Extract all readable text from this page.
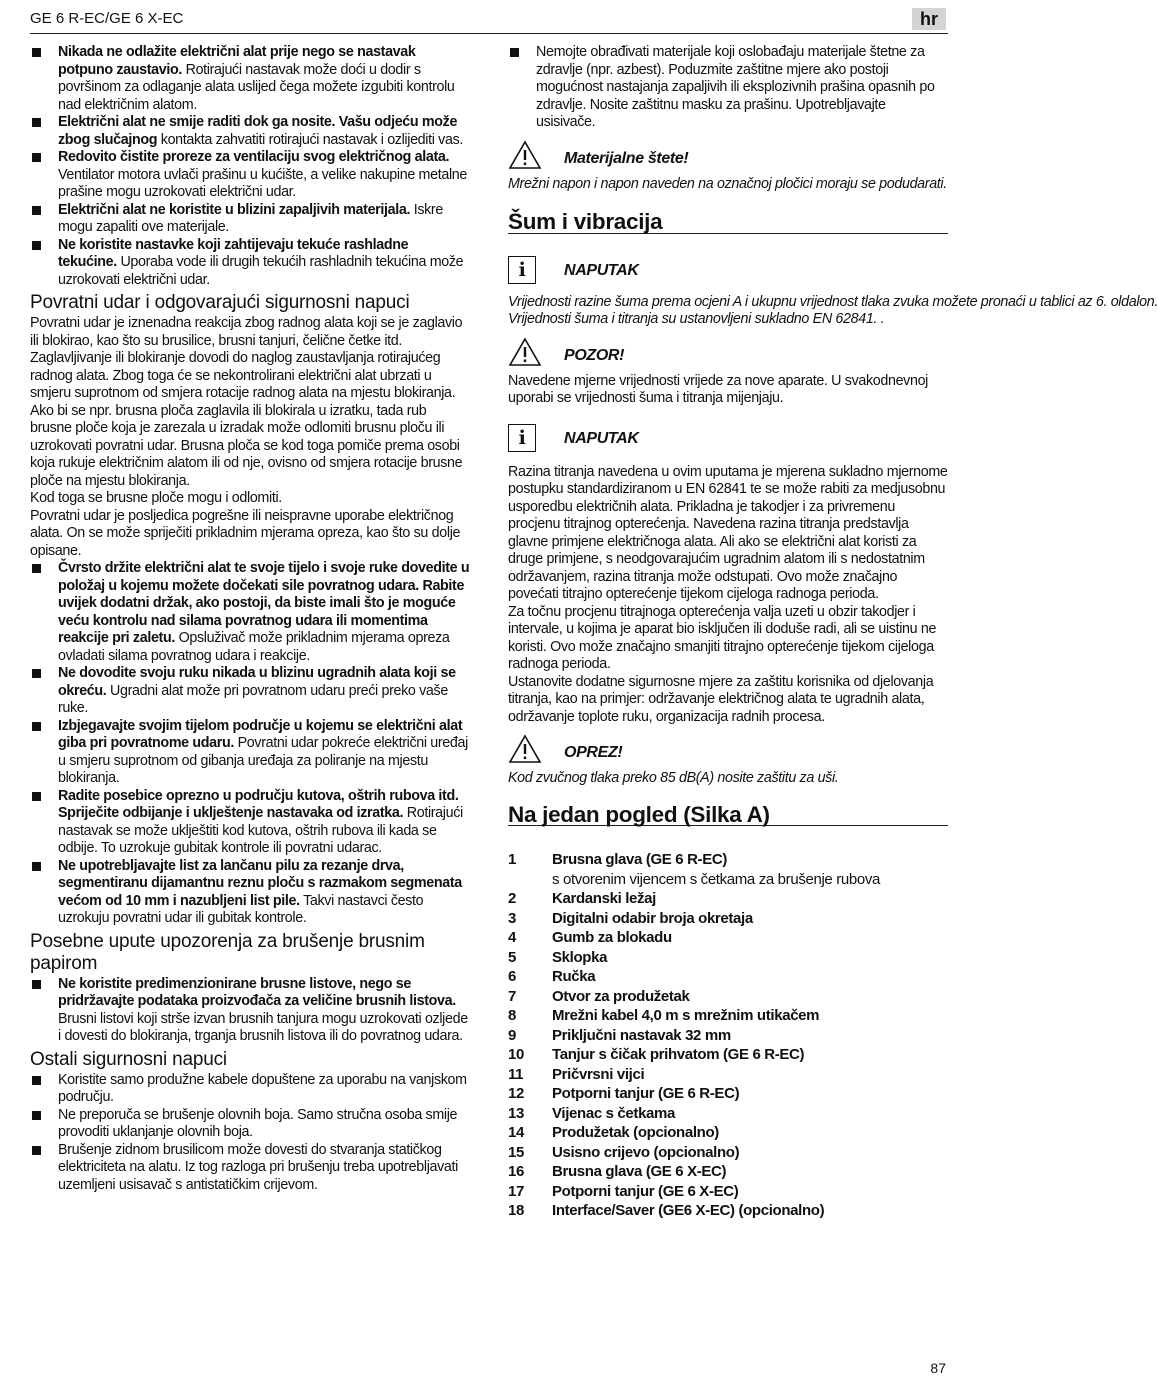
GE 6 R-EC/GE 6 X-EC	hr

Nikada ne odlažite električni alat prije nego se nastavak potpuno zaustavio. Rotirajući nastavak može doći u dodir s površinom za odlaganje alata uslijed čega možete izgubiti kontrolu nad električnim alatom.

Električni alat ne smije raditi dok ga nosite. Vašu odjeću može zbog slučajnog kontakta zahvatiti rotirajući nastavak i ozlijediti vas.

Redovito čistite proreze za ventilaciju svog električnog alata. Ventilator motora uvlači prašinu u kućište, a velike nakupine metalne prašine mogu uzrokovati električni udar.

Električni alat ne koristite u blizini zapaljivih materijala. Iskre mogu zapaliti ove materijale.

Ne koristite nastavke koji zahtijevaju tekuće rashladne tekućine. Uporaba vode ili drugih tekućih rashladnih tekućina može uzrokovati električni udar.

Povratni udar i odgovarajući sigurnosni napuci

Povratni udar je iznenadna reakcija zbog radnog alata koji se je zaglavio ili blokirao, kao što su brusilice, brusni tanjuri, čelične četke itd. Zaglavljivanje ili blokiranje dovodi do naglog zaustavljanja rotirajućeg radnog alata. Zbog toga će se nekontrolirani električni alat ubrzati u smjeru suprotnom od smjera rotacije radnog alata na mjestu blokiranja. Ako bi se npr. brusna ploča zaglavila ili blokirala u izratku, tada rub brusne ploče koja je zarezala u izradak može odlomiti brusnu ploču ili uzrokovati povratni udar. Brusna ploča se kod toga pomiče prema osobi koja rukuje električnim alatom ili od nje, ovisno od smjera rotacije brusne ploče na mjestu blokiranja.

Kod toga se brusne ploče mogu i odlomiti.

Povratni udar je posljedica pogrešne ili neispravne uporabe električnog alata. On se može spriječiti prikladnim mjerama opreza, kao što su dolje opisane.

Čvrsto držite električni alat te svoje tijelo i svoje ruke dovedite u položaj u kojemu možete dočekati sile povratnog udara. Rabite uvijek dodatni držak, ako postoji, da biste imali što je moguće veću kontrolu nad silama povratnog udara ili momentima reakcije pri zaletu. Opsluživač može prikladnim mjerama opreza ovladati silama povratnog udara i reakcije.

Ne dovodite svoju ruku nikada u blizinu ugradnih alata koji se okreću. Ugradni alat može pri povratnom udaru preći preko vaše ruke.

Izbjegavajte svojim tijelom područje u kojemu se električni alat giba pri povratnome udaru. Povratni udar pokreće električni uređaj u smjeru suprotnom od gibanja uređaja za poliranje na mjestu blokiranja.

Radite posebice oprezno u području kutova, oštrih rubova itd. Spriječite odbijanje i uklještenje nastavaka od izratka. Rotirajući nastavak se može uklještiti kod kutova, oštrih rubova ili kada se odbije. To uzrokuje gubitak kontrole ili povratni udarac.

Ne upotrebljavajte list za lančanu pilu za rezanje drva, segmentiranu dijamantnu reznu ploču s razmakom segmenata većom od 10 mm i nazubljeni list pile. Takvi nastavci često uzrokuju povratni udar ili gubitak kontrole.

Posebne upute upozorenja za brušenje brusnim papirom

Ne koristite predimenzionirane brusne listove, nego se pridržavajte podataka proizvođača za veličine brusnih listova. Brusni listovi koji strše izvan brusnih tanjura mogu uzrokovati ozljede i dovesti do blokiranja, trganja brusnih listova ili do povratnog udara.

Ostali sigurnosni napuci

Koristite samo produžne kabele dopuštene za uporabu na vanjskom području.

Ne preporuča se brušenje olovnih boja. Samo stručna osoba smije provoditi uklanjanje olovnih boja.

Brušenje zidnom brusilicom može dovesti do stvaranja statičkog elektriciteta na alatu. Iz tog razloga pri brušenju treba upotrebljavati uzemljeni usisavač s antistatičkim crijevom.

Nemojte obrađivati materijale koji oslobađaju materijale štetne za zdravlje (npr. azbest). Poduzmite zaštitne mjere ako postoji mogućnost nastajanja zapaljivih ili eksplozivnih prašina opasnih po zdravlje. Nosite zaštitnu masku za prašinu. Upotrebljavajte usisivače.

Materijalne štete!

Mrežni napon i napon naveden na označnoj pločici moraju se podudarati.

Šum i vibracija
i	NAPUTAK

Vrijednosti razine šuma prema ocjeni A i ukupnu vrijednost tlaka zvuka možete pronaći u tablici az 6. oldalon.

Vrijednosti šuma i titranja su ustanovljeni sukladno EN 62841. .

POZOR!

Navedene mjerne vrijednosti vrijede za nove aparate. U svakodnevnoj uporabi se vrijednosti šuma i titranja mijenjaju.

i	NAPUTAK

Razina titranja navedena u ovim uputama je mjerena sukladno mjernome postupku standardiziranom u EN 62841 te se može rabiti za medjusobnu usporedbu električnih alata. Prikladna je takodjer i za privremenu procjenu titrajnog opterećenja. Navedena razina titranja predstavlja glavne primjene električnoga alata. Ali ako se električni alat koristi za druge primjene, s neodgovarajućim ugradnim alatom ili s nedostatnim održavanjem, razina titranja može odstupati. Ovo može značajno povećati titrajno opterećenje tijekom cijeloga radnoga perioda.

Za točnu procjenu titrajnoga opterećenja valja uzeti u obzir takodjer i intervale, u kojima je aparat bio isključen ili doduše radi, ali se uistinu ne koristi. Ovo može značajno smanjiti titrajno opterećenje tijekom cijeloga radnoga perioda.

Ustanovite dodatne sigurnosne mjere za zaštitu korisnika od djelovanja titranja, kao na primjer: održavanje električnog alata te ugradnih alata, održavanje toplote ruku, organizacija radnih procesa.

OPREZ!

Kod zvučnog tlaka preko 85 dB(A) nosite zaštitu za uši.

Na jedan pogled (Silka A)
1	Brusna glava (GE 6 R-EC)
s otvorenim vijencem s četkama za brušenje rubova
2	Kardanski ležaj
3	Digitalni odabir broja okretaja
4	Gumb za blokadu
5	Sklopka
6	Ručka
7	Otvor za produžetak
8	Mrežni kabel 4,0 m s mrežnim utikačem
9	Priključni nastavak 32 mm
10	Tanjur s čičak prihvatom (GE 6 R-EC)
11	Pričvrsni vijci
12	Potporni tanjur (GE 6 R-EC)
13	Vijenac s četkama
14	Produžetak (opcionalno)
15	Usisno crijevo (opcionalno)
16	Brusna glava (GE 6 X-EC)
17	Potporni tanjur (GE 6 X-EC)
18	Interface/Saver (GE6 X-EC) (opcionalno)
87
